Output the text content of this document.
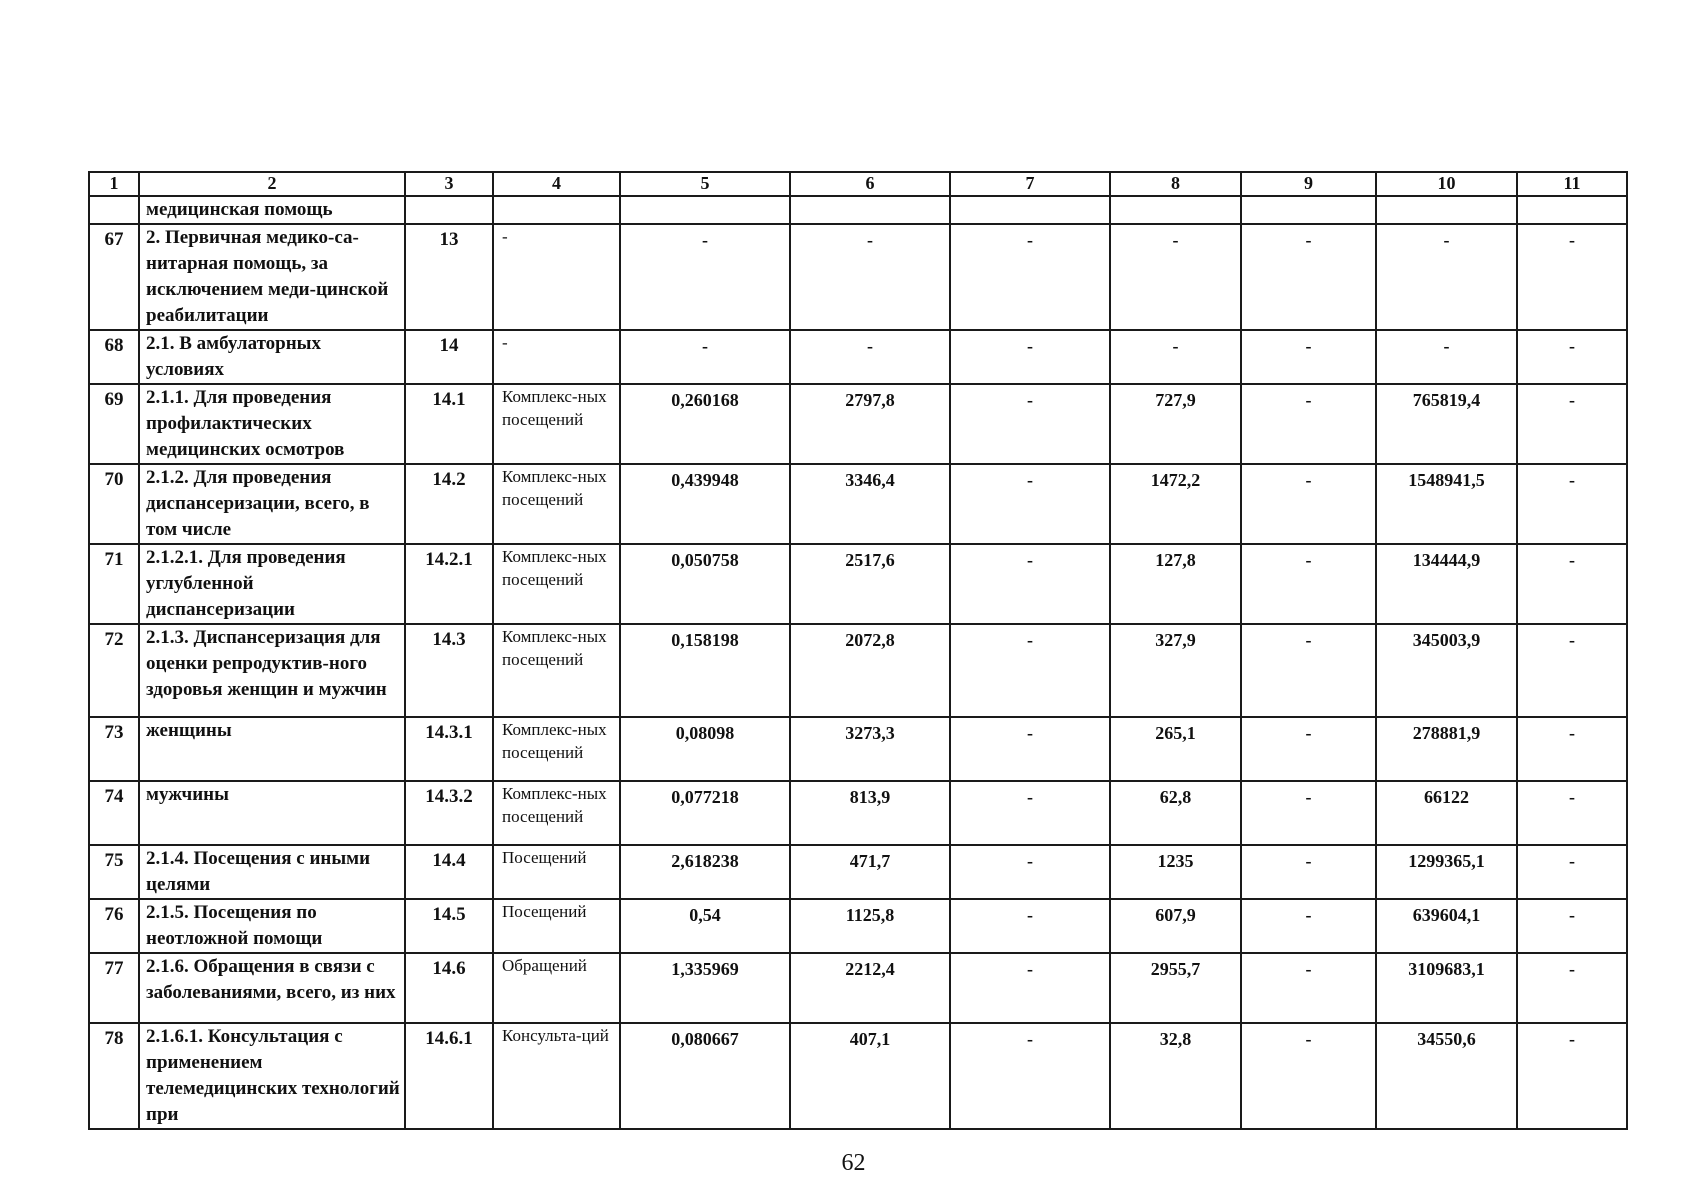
1	2	3	4	5	6	7	8	9	10	11
	медицинская помощь									
67	2. Первичная медико-са-нитарная помощь, за исключением меди-цинской реабилитации	13	-	-	-	-	-	-	-	-
68	2.1. В амбулаторных условиях	14	-	-	-	-	-	-	-	-
69	2.1.1. Для проведения профилактических медицинских осмотров	14.1	Комплекс-ных посещений	0,260168	2797,8	-	727,9	-	765819,4	-
70	2.1.2. Для проведения диспансеризации, всего, в том числе	14.2	Комплекс-ных посещений	0,439948	3346,4	-	1472,2	-	1548941,5	-
71	2.1.2.1. Для проведения углубленной диспансеризации	14.2.1	Комплекс-ных посещений	0,050758	2517,6	-	127,8	-	134444,9	-
72	2.1.3. Диспансеризация для оценки репродуктив-ного здоровья женщин и мужчин	14.3	Комплекс-ных посещений	0,158198	2072,8	-	327,9	-	345003,9	-
73	женщины	14.3.1	Комплекс-ных посещений	0,08098	3273,3	-	265,1	-	278881,9	-
74	мужчины	14.3.2	Комплекс-ных посещений	0,077218	813,9	-	62,8	-	66122	-
75	2.1.4. Посещения с иными целями	14.4	Посещений	2,618238	471,7	-	1235	-	1299365,1	-
76	2.1.5. Посещения по неотложной помощи	14.5	Посещений	0,54	1125,8	-	607,9	-	639604,1	-
77	2.1.6. Обращения в связи с заболеваниями, всего, из них	14.6	Обращений	1,335969	2212,4	-	2955,7	-	3109683,1	-
78	2.1.6.1. Консультация с применением телемедицинских технологий при	14.6.1	Консульта-ций	0,080667	407,1	-	32,8	-	34550,6	-
62
